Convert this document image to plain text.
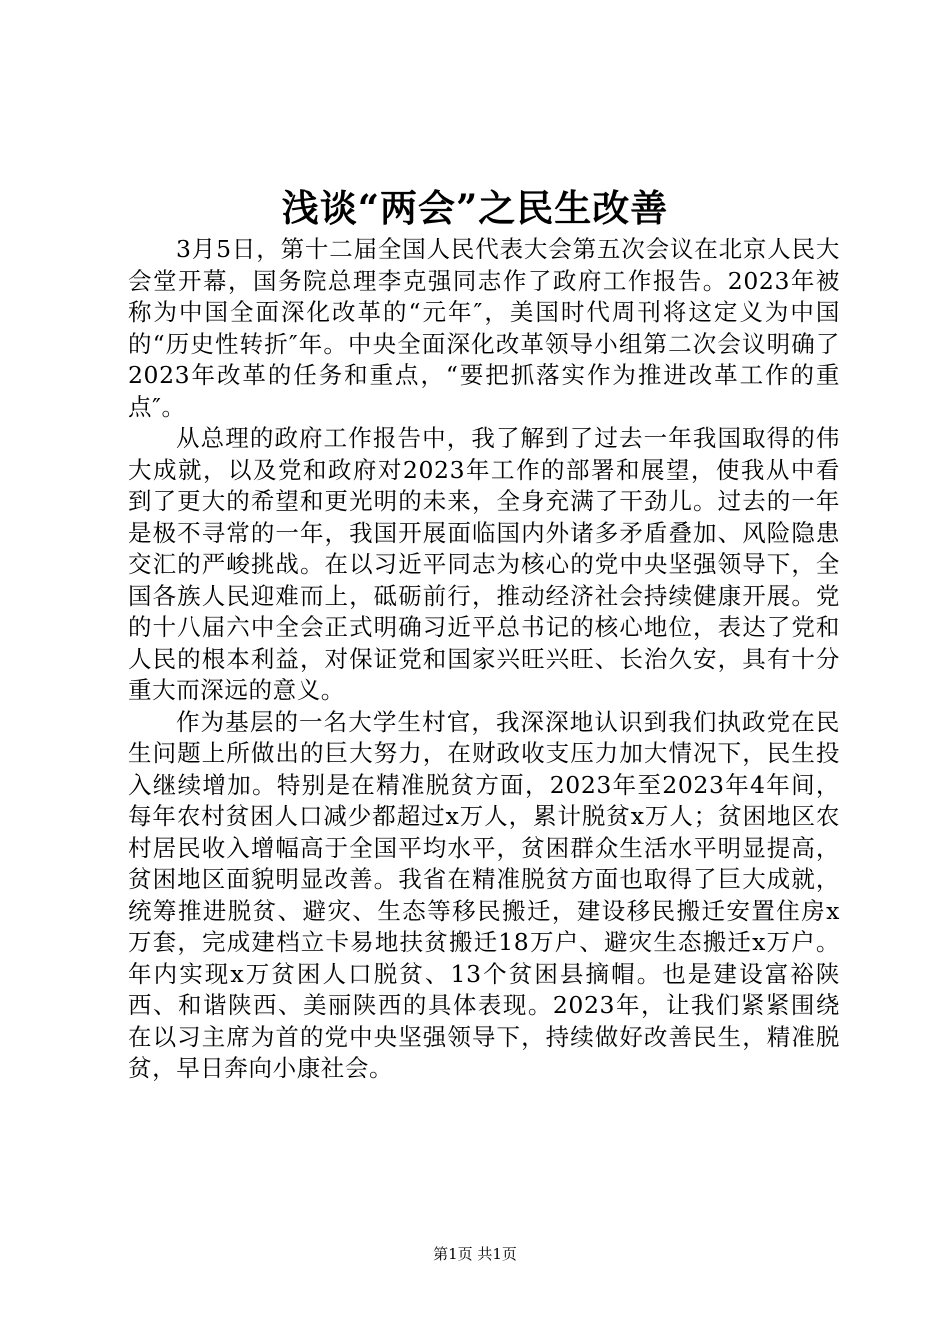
浅谈“两会”之民生改善

3月5日，第十二届全国人民代表大会第五次会议在北京人民大会堂开幕，国务院总理李克强同志作了政府工作报告。2023年被称为中国全面深化改革的“元年″，美国时代周刊将这定义为中国的“历史性转折″年。中央全面深化改革领导小组第二次会议明确了2023年改革的任务和重点，“要把抓落实作为推进改革工作的重点″。

从总理的政府工作报告中，我了解到了过去一年我国取得的伟大成就，以及党和政府对2023年工作的部署和展望，使我从中看到了更大的希望和更光明的未来，全身充满了干劲儿。过去的一年是极不寻常的一年，我国开展面临国内外诸多矛盾叠加、风险隐患交汇的严峻挑战。在以习近平同志为核心的党中央坚强领导下，全国各族人民迎难而上，砥砺前行，推动经济社会持续健康开展。党的十八届六中全会正式明确习近平总书记的核心地位，表达了党和人民的根本利益，对保证党和国家兴旺兴旺、长治久安，具有十分重大而深远的意义。

作为基层的一名大学生村官，我深深地认识到我们执政党在民生问题上所做出的巨大努力，在财政收支压力加大情况下，民生投入继续增加。特别是在精准脱贫方面，2023年至2023年4年间，每年农村贫困人口减少都超过x万人，累计脱贫x万人；贫困地区农村居民收入增幅高于全国平均水平，贫困群众生活水平明显提高，贫困地区面貌明显改善。我省在精准脱贫方面也取得了巨大成就，统筹推进脱贫、避灾、生态等移民搬迁，建设移民搬迁安置住房x万套，完成建档立卡易地扶贫搬迁18万户、避灾生态搬迁x万户。年内实现x万贫困人口脱贫、13个贫困县摘帽。也是建设富裕陕西、和谐陕西、美丽陕西的具体表现。2023年，让我们紧紧围绕在以习主席为首的党中央坚强领导下，持续做好改善民生，精准脱贫，早日奔向小康社会。

第1页 共1页
